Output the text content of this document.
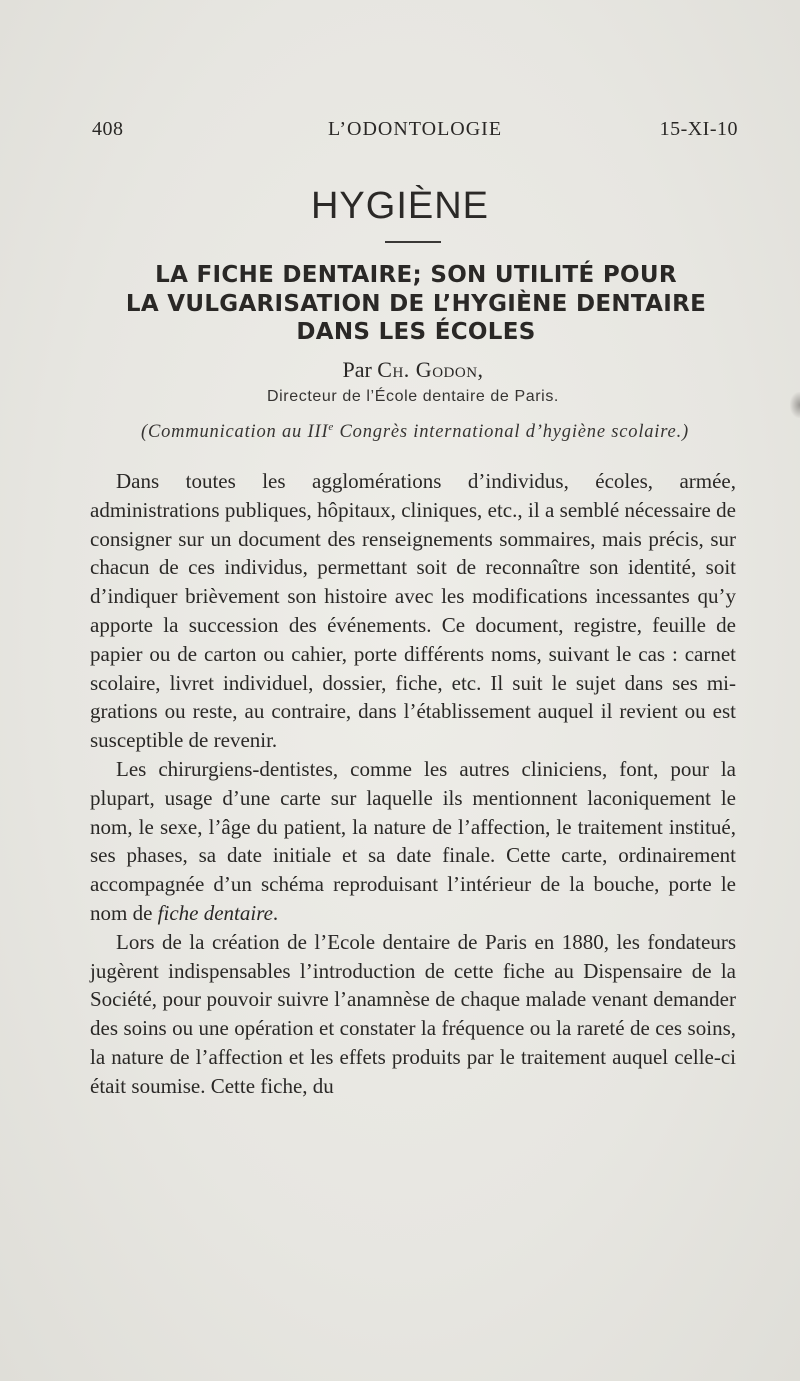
408	L’ODONTOLOGIE	15-XI-10
HYGIÈNE
LA FICHE DENTAIRE; SON UTILITÉ POUR
LA VULGARISATION DE L’HYGIÈNE DENTAIRE
DANS LES ÉCOLES
Par Ch. Godon,
Directeur de l’École dentaire de Paris.
(Communication au IIIe Congrès international d’hygiène scolaire.)

Dans toutes les agglomérations d’individus, écoles, armée, administrations publiques, hôpitaux, cliniques, etc., il a semblé nécessaire de consigner sur un document des renseignements sommaires, mais précis, sur chacun de ces individus, permettant soit de reconnaître son identité, soit d’indiquer brièvement son histoire avec les modifications incessantes qu’y apporte la succession des événements. Ce document, registre, feuille de papier ou de carton ou cahier, porte différents noms, suivant le cas : carnet scolaire, livret individuel, dossier, fiche, etc. Il suit le sujet dans ses migrations ou reste, au contraire, dans l’établissement auquel il revient ou est susceptible de revenir.

Les chirurgiens-dentistes, comme les autres cliniciens, font, pour la plupart, usage d’une carte sur laquelle ils mentionnent laconiquement le nom, le sexe, l’âge du patient, la nature de l’affection, le traitement institué, ses phases, sa date initiale et sa date finale. Cette carte, ordinairement accompagnée d’un schéma reproduisant l’intérieur de la bouche, porte le nom de fiche dentaire.

Lors de la création de l’Ecole dentaire de Paris en 1880, les fondateurs jugèrent indispensables l’introduction de cette fiche au Dispensaire de la Société, pour pouvoir suivre l’anamnèse de chaque malade venant demander des soins ou une opération et constater la fréquence ou la rareté de ces soins, la nature de l’affection et les effets produits par le traitement auquel celle-ci était soumise. Cette fiche, du
